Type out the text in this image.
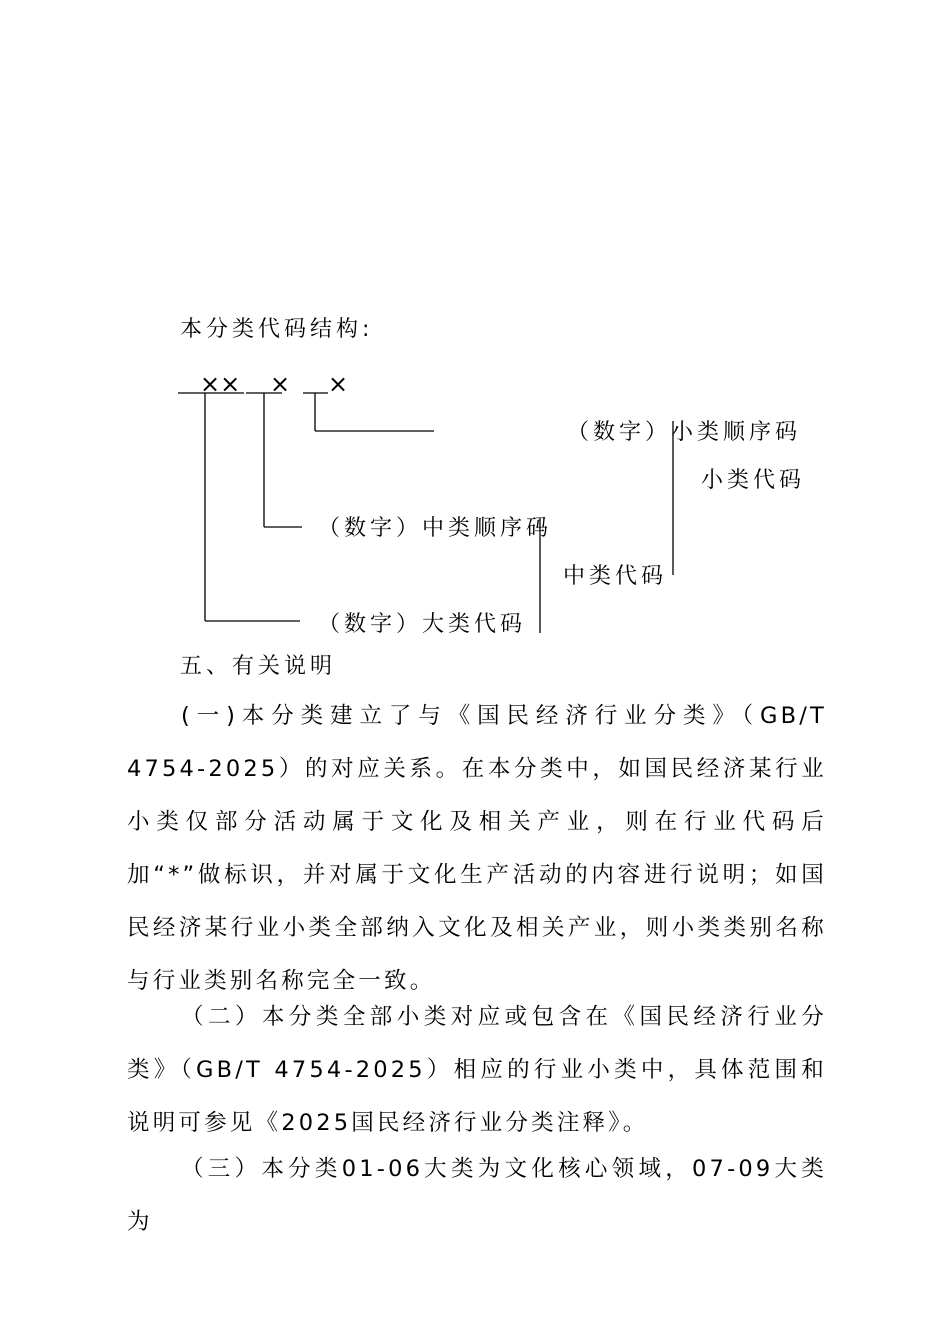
本分类代码结构:
×× × ×
（数字）小类顺序码
小类代码
（数字）中类顺序码
中类代码
（数字）大类代码
五、有关说明
(一)本分类建立了与《国民经济行业分类》（GB/T 4754-2025）的对应关系。在本分类中，如国民经济某行业小类仅部分活动属于文化及相关产业，则在行业代码后加“*”做标识，并对属于文化生产活动的内容进行说明；如国民经济某行业小类全部纳入文化及相关产业，则小类类别名称与行业类别名称完全一致。
（二）本分类全部小类对应或包含在《国民经济行业分类》（GB/T 4754-2025）相应的行业小类中，具体范围和说明可参见《2025国民经济行业分类注释》。
（三）本分类01-06大类为文化核心领域，07-09大类为
